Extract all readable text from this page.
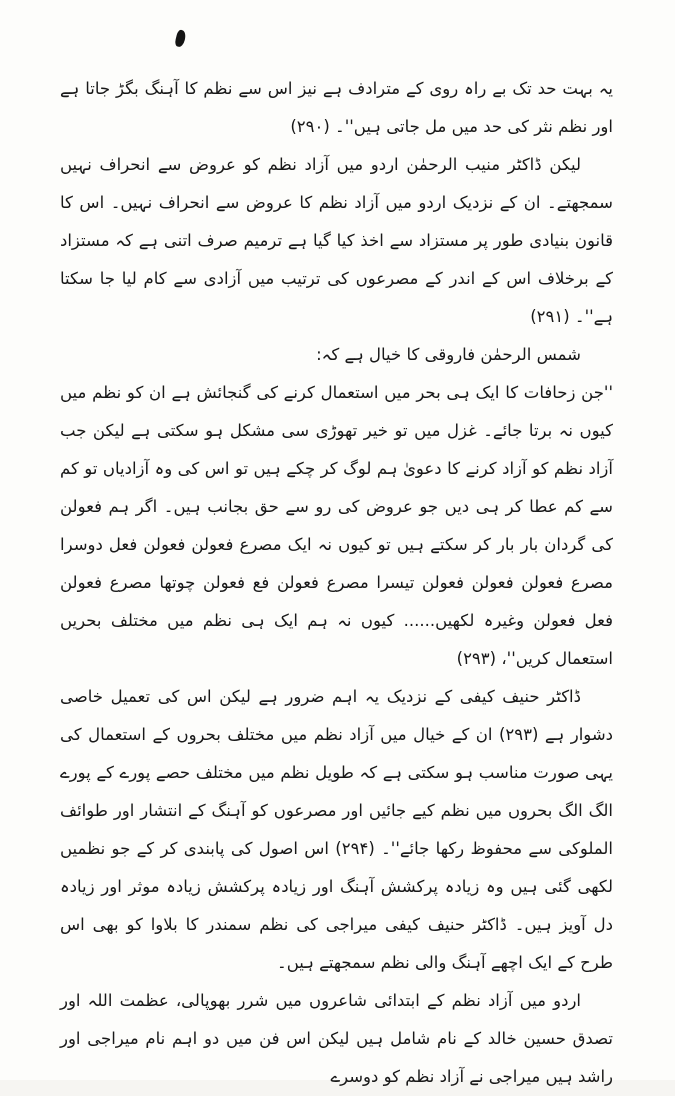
یہ بہت حد تک بے راہ روی کے مترادف ہے نیز اس سے نظم کا آہنگ بگڑ جاتا ہے اور نظم نثر کی حد میں مل جاتی ہیں''۔ (۲۹۰)

لیکن ڈاکٹر منیب الرحمٰن اردو میں آزاد نظم کو عروض سے انحراف نہیں سمجھتے۔ ان کے نزدیک اردو میں آزاد نظم کا عروض سے انحراف نہیں۔ اس کا قانون بنیادی طور پر مستزاد سے اخذ کیا گیا ہے ترمیم صرف اتنی ہے کہ مستزاد کے برخلاف اس کے اندر کے مصرعوں کی ترتیب میں آزادی سے کام لیا جا سکتا ہے''۔ (۲۹۱)

شمس الرحمٰن فاروقی کا خیال ہے کہ:

''جن زحافات کا ایک ہی بحر میں استعمال کرنے کی گنجائش ہے ان کو نظم میں کیوں نہ برتا جائے۔ غزل میں تو خیر تھوڑی سی مشکل ہو سکتی ہے لیکن جب آزاد نظم کو آزاد کرنے کا دعویٰ ہم لوگ کر چکے ہیں تو اس کی وہ آزادیاں تو کم سے کم عطا کر ہی دیں جو عروض کی رو سے حق بجانب ہیں۔ اگر ہم فعولن کی گردان بار بار کر سکتے ہیں تو کیوں نہ ایک مصرع فعولن فعولن فعل دوسرا مصرع فعولن فعولن فعولن تیسرا مصرع فعولن فع فعولن چوتھا مصرع فعولن فعل فعولن وغیرہ لکھیں...... کیوں نہ ہم ایک ہی نظم میں مختلف بحریں استعمال کریں''، (۲۹۳)

ڈاکٹر حنیف کیفی کے نزدیک یہ اہم ضرور ہے لیکن اس کی تعمیل خاصی دشوار ہے (۲۹۳) ان کے خیال میں آزاد نظم میں مختلف بحروں کے استعمال کی یہی صورت مناسب ہو سکتی ہے کہ طویل نظم میں مختلف حصے پورے کے پورے الگ الگ بحروں میں نظم کیے جائیں اور مصرعوں کو آہنگ کے انتشار اور طوائف الملوکی سے محفوظ رکھا جائے''۔ (۲۹۴) اس اصول کی پابندی کر کے جو نظمیں لکھی گئی ہیں وہ زیادہ پرکشش آہنگ اور زیادہ پرکشش زیادہ موثر اور زیادہ دل آویز ہیں۔ ڈاکٹر حنیف کیفی میراجی کی نظم سمندر کا بلاوا کو بھی اس طرح کے ایک اچھے آہنگ والی نظم سمجھتے ہیں۔

اردو میں آزاد نظم کے ابتدائی شاعروں میں شرر بھوپالی، عظمت اللہ اور تصدق حسین خالد کے نام شامل ہیں لیکن اس فن میں دو اہم نام میراجی اور راشد ہیں میراجی نے آزاد نظم کو دوسرے
